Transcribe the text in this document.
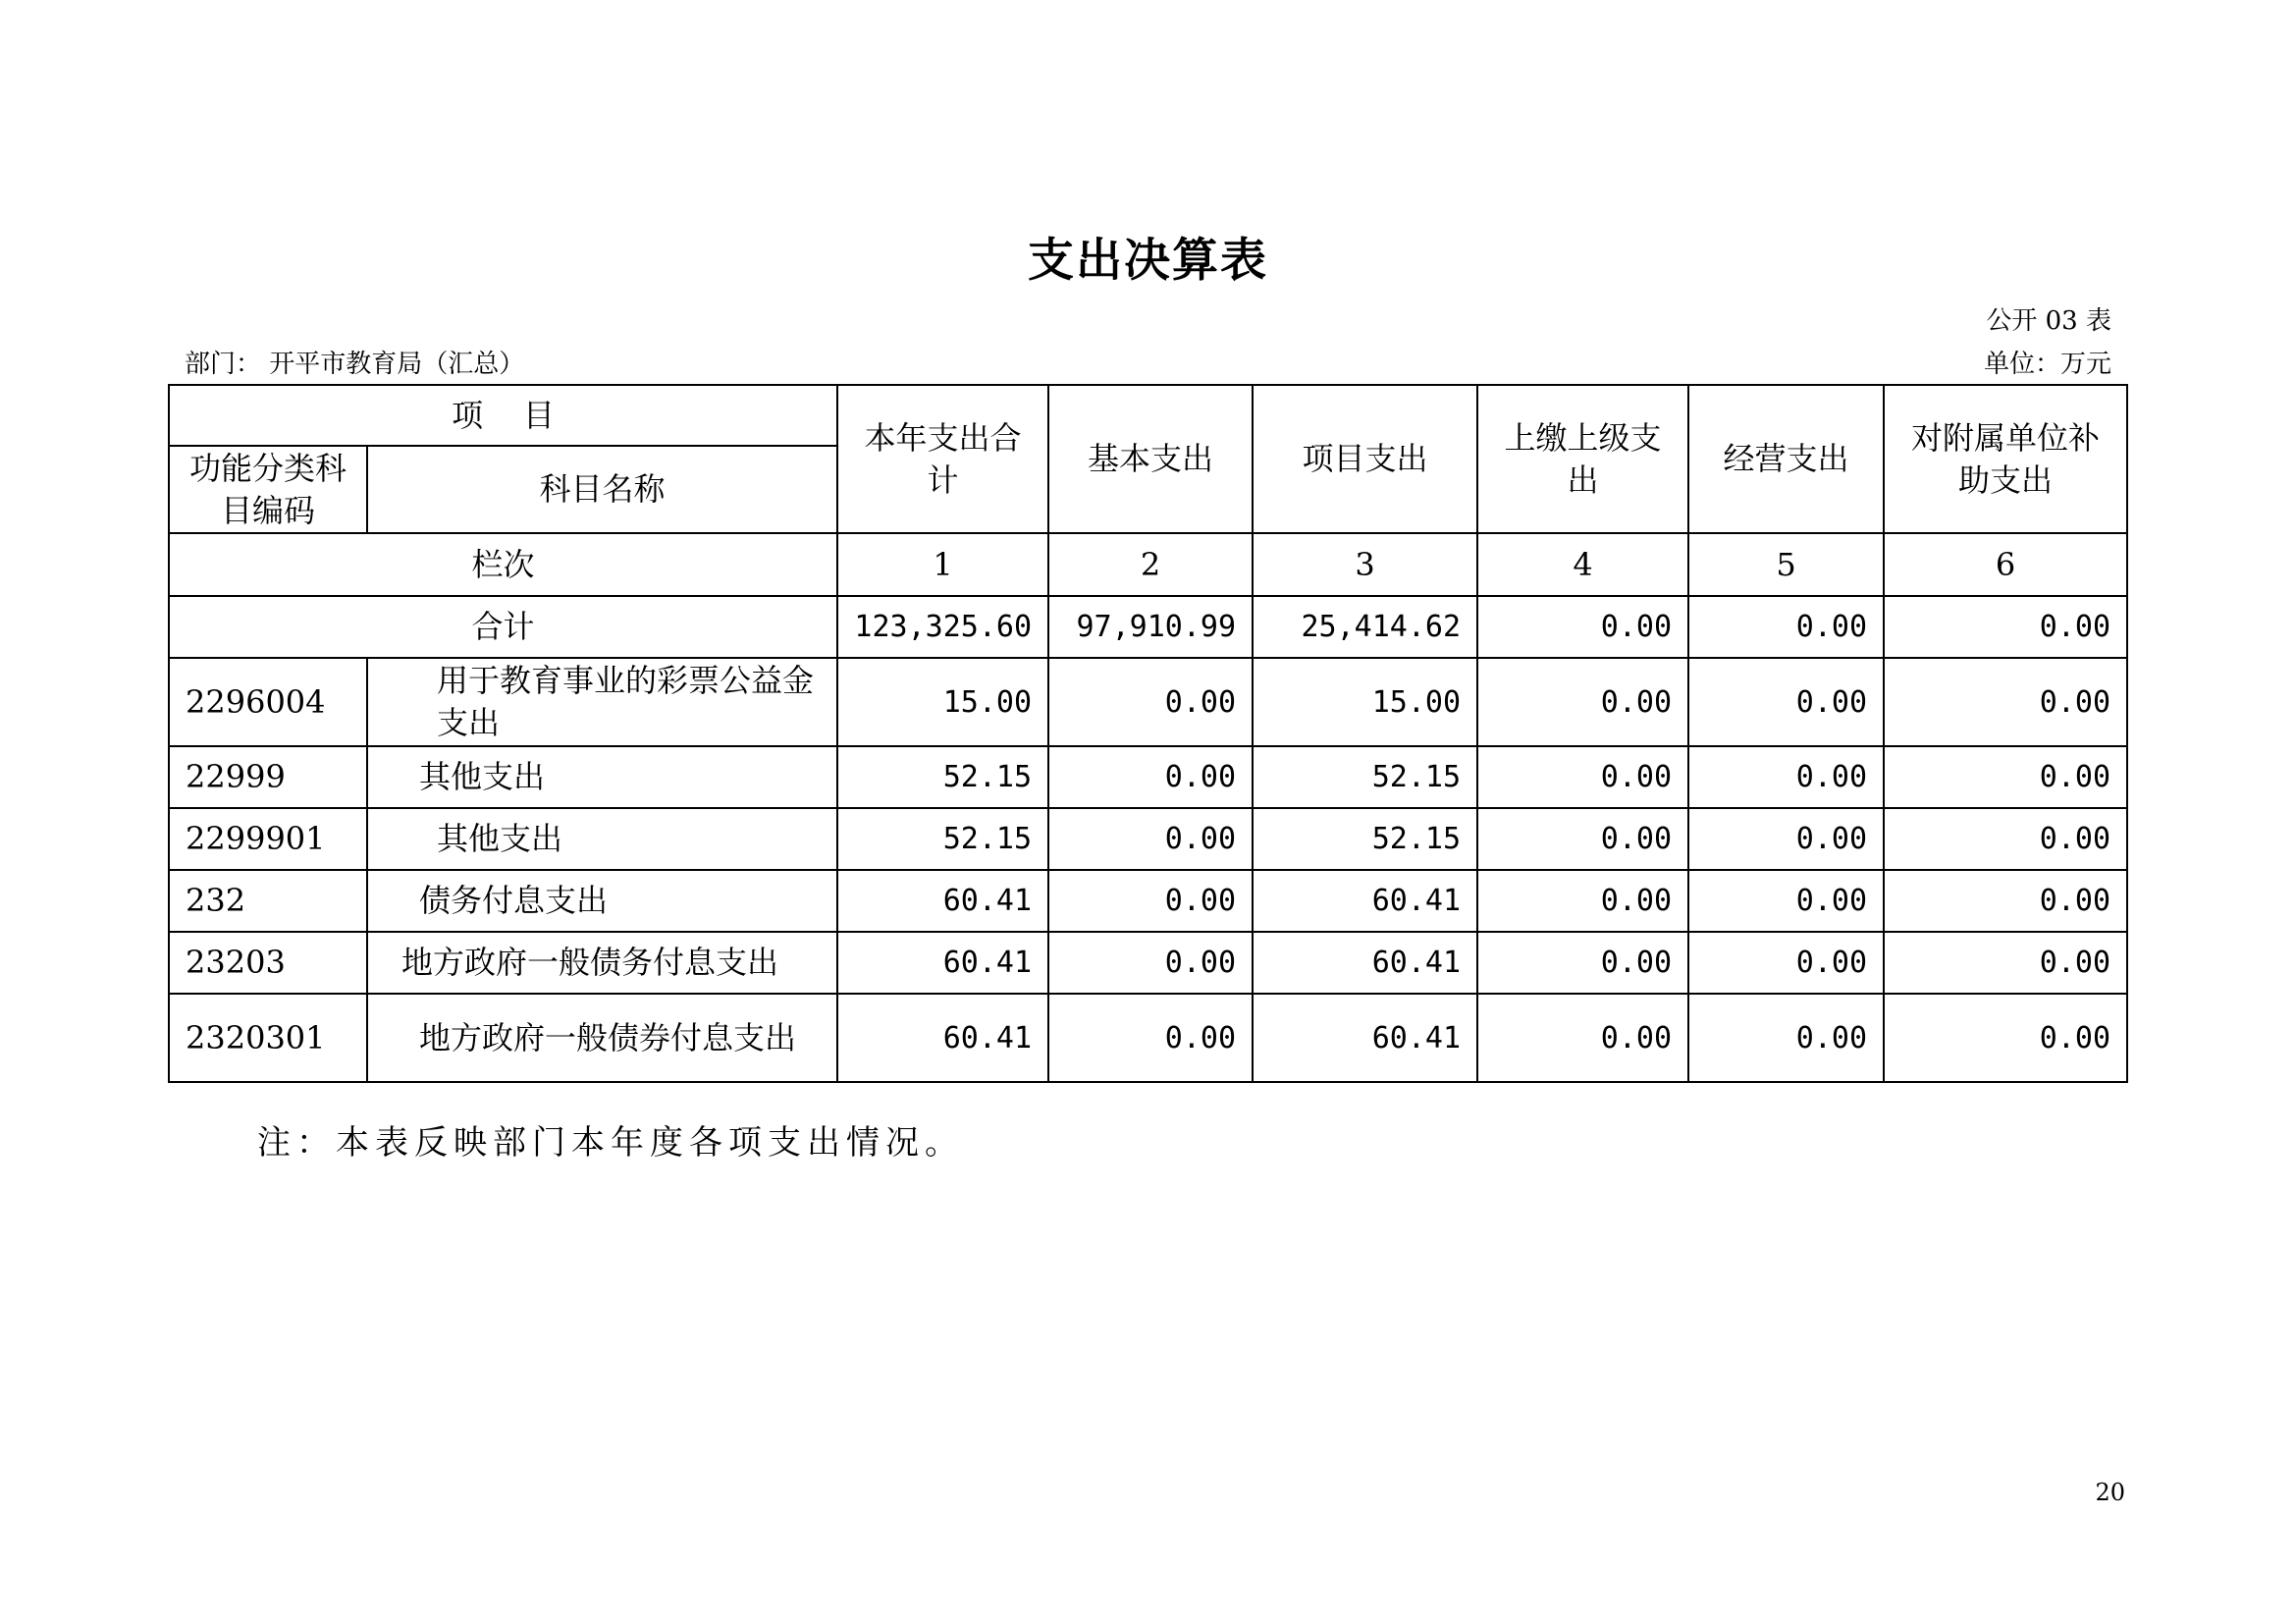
支出决算表
公开 03 表
部门： 开平市教育局（汇总）	单位：万元
项    目		本年支出合计	基本支出	项目支出	上缴上级支出	经营支出	对附属单位补助支出
功能分类科目编码	科目名称						
栏次		1	2	3	4	5	6
合计		123,325.60	97,910.99	25,414.62	0.00	0.00	0.00
2296004	用于教育事业的彩票公益金支出	15.00	0.00	15.00	0.00	0.00	0.00
22999	其他支出	52.15	0.00	52.15	0.00	0.00	0.00
2299901	其他支出	52.15	0.00	52.15	0.00	0.00	0.00
232	债务付息支出	60.41	0.00	60.41	0.00	0.00	0.00
23203	地方政府一般债务付息支出	60.41	0.00	60.41	0.00	0.00	0.00
2320301	地方政府一般债券付息支出	60.41	0.00	60.41	0.00	0.00	0.00
注：本表反映部门本年度各项支出情况。
20
